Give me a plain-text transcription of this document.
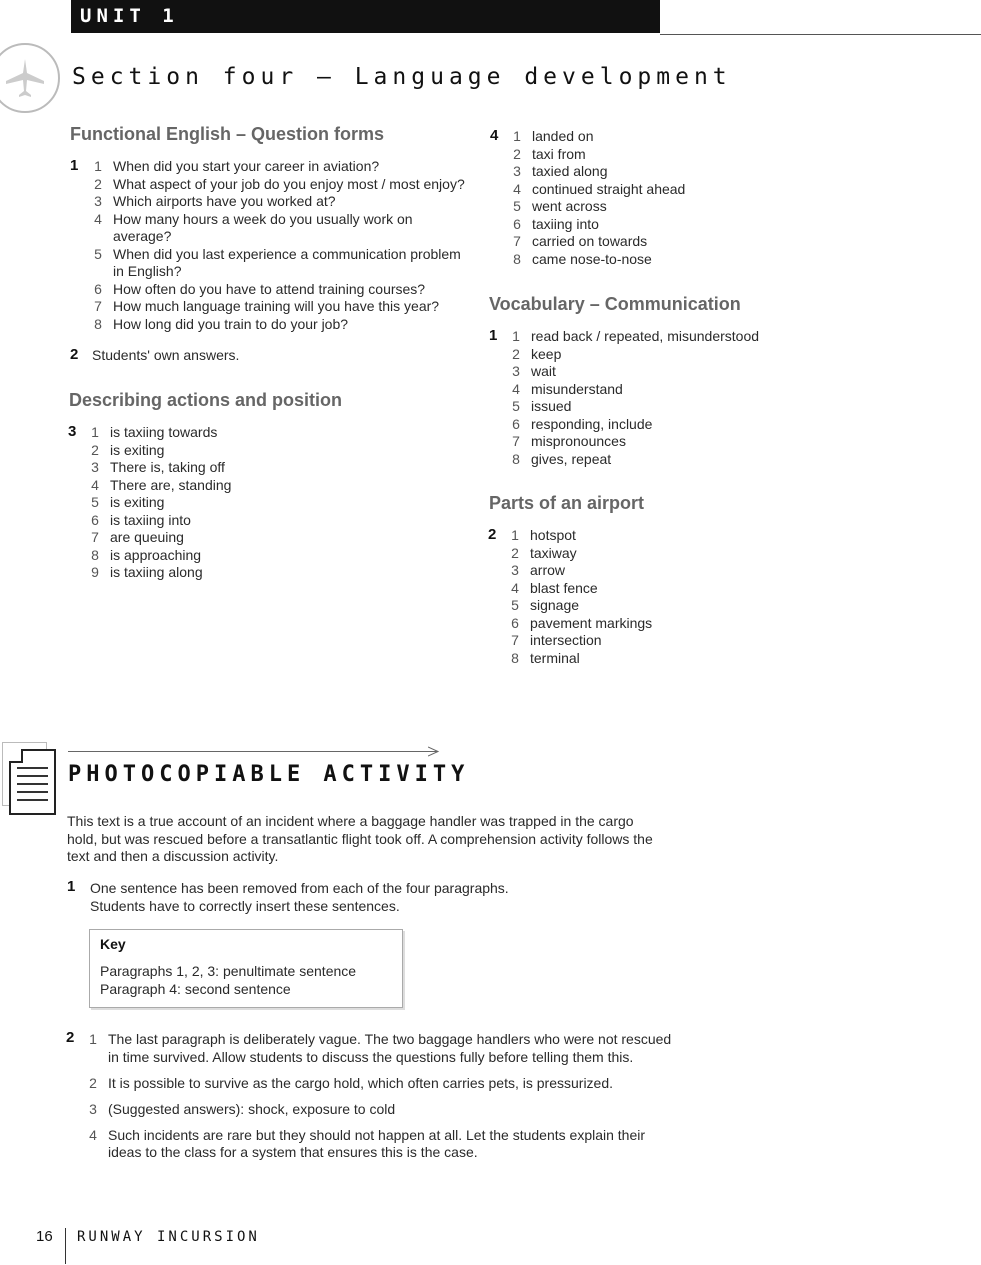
UNIT 1
Section four – Language development
Functional English – Question forms
1 1 When did you start your career in aviation?
2 What aspect of your job do you enjoy most / most enjoy?
3 Which airports have you worked at?
4 How many hours a week do you usually work on
average?
5 When did you last experience a communication problem
in English?
6 How often do you have to attend training courses?
7 How much language training will you have this year?
8 How long did you train to do your job?
2 Students' own answers.
Describing actions and position
3 1 is taxiing towards
2 is exiting
3 There is, taking off
4 There are, standing
5 is exiting
6 is taxiing into
7 are queuing
8 is approaching
9 is taxiing along
4 1 landed on
2 taxi from
3 taxied along
4 continued straight ahead
5 went across
6 taxiing into
7 carried on towards
8 came nose-to-nose
Vocabulary – Communication
1 1 read back / repeated, misunderstood
2 keep
3 wait
4 misunderstand
5 issued
6 responding, include
7 mispronounces
8 gives, repeat
Parts of an airport
2 1 hotspot
2 taxiway
3 arrow
4 blast fence
5 signage
6 pavement markings
7 intersection
8 terminal
PHOTOCOPIABLE ACTIVITY
This text is a true account of an incident where a baggage handler was trapped in the cargo
hold, but was rescued before a transatlantic flight took off. A comprehension activity follows the
text and then a discussion activity.
1 One sentence has been removed from each of the four paragraphs.
Students have to correctly insert these sentences.
Key
Paragraphs 1, 2, 3: penultimate sentence
Paragraph 4: second sentence
2 1 The last paragraph is deliberately vague. The two baggage handlers who were not rescued
in time survived. Allow students to discuss the questions fully before telling them this.
2 It is possible to survive as the cargo hold, which often carries pets, is pressurized.
3 (Suggested answers): shock, exposure to cold
4 Such incidents are rare but they should not happen at all. Let the students explain their
ideas to the class for a system that ensures this is the case.
16 RUNWAY INCURSION
